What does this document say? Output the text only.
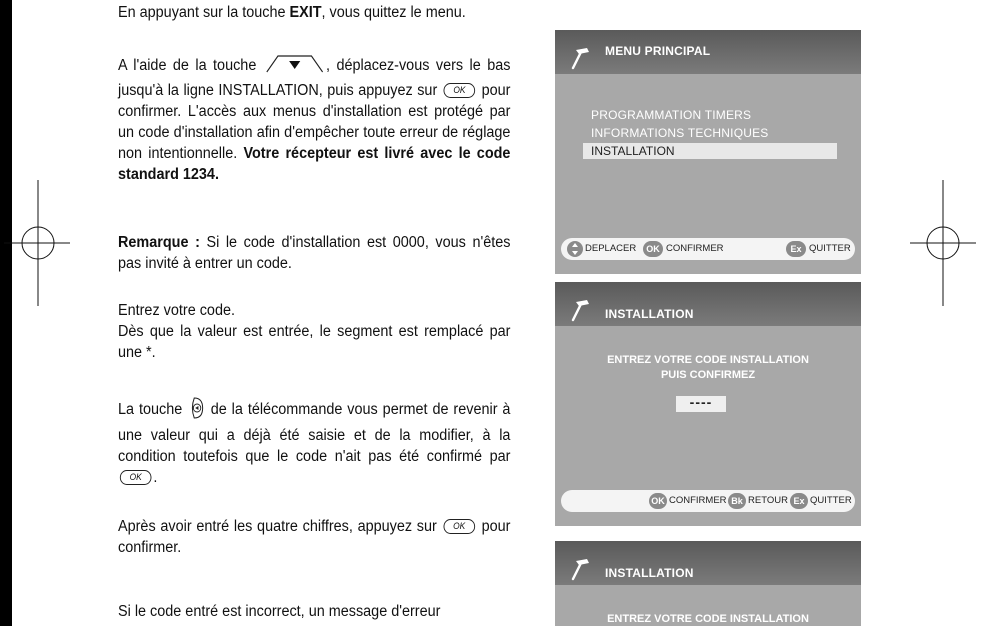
En appuyant sur la touche EXIT, vous quittez le menu.

A l'aide de la touche	, déplacez-vous vers le bas jusqu'à la ligne INSTALLATION, puis appuyez sur OK pour confirmer. L'accès aux menus d'installation est protégé par un code d'installation afin d'empêcher toute erreur de réglage non intentionnelle. Votre récepteur est livré avec le code standard 1234.

Remarque : Si le code d'installation est 0000, vous n'êtes pas invité à entrer un code.

Entrez votre code.

Dès que la valeur est entrée, le segment est remplacé par une *.

La touche  de la télécommande vous permet de revenir à une valeur qui a déjà été saisie et de la modifier, à la condition toutefois que le code n'ait pas été confirmé par OK .

Après avoir entré les quatre chiffres, appuyez sur OK pour confirmer.

Si le code entré est incorrect, un message d'erreur

MENU PRINCIPAL
PROGRAMMATION TIMERS
INFORMATIONS TECHNIQUES
INSTALLATION
DEPLACER	OK CONFIRMER	Ex QUITTER
INSTALLATION
ENTREZ VOTRE CODE INSTALLATION
PUIS CONFIRMEZ
----
OK CONFIRMER Bk RETOUR Ex QUITTER
INSTALLATION
ENTREZ VOTRE CODE INSTALLATION
